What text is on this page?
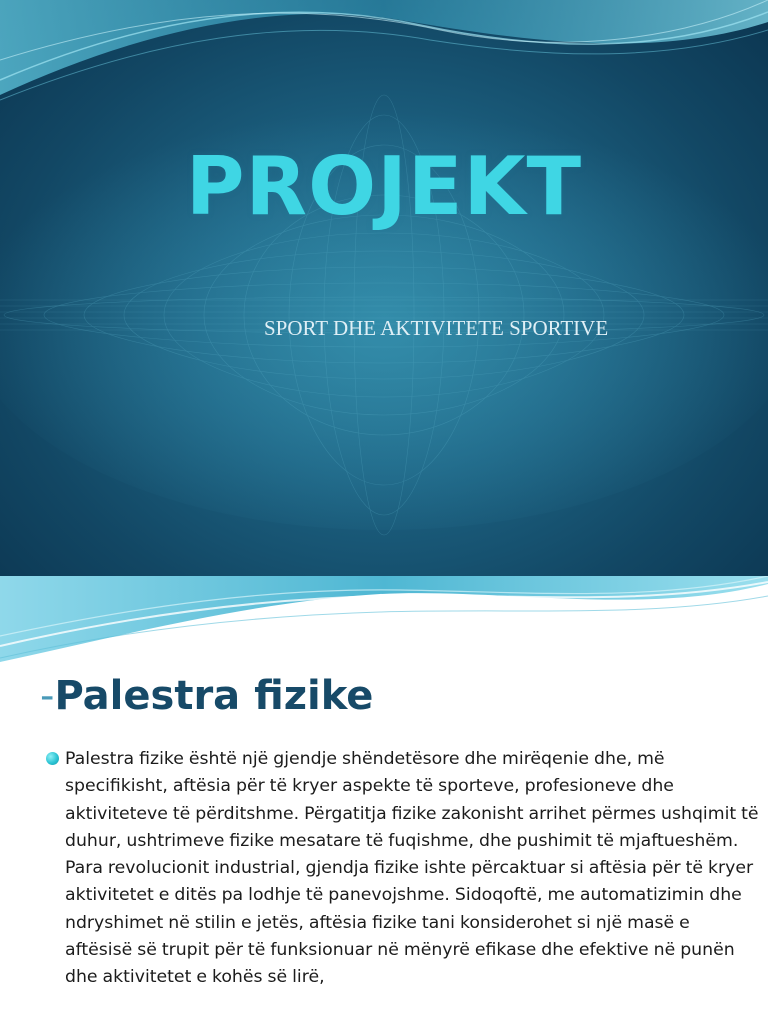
PROJEKT
SPORT DHE AKTIVITETE SPORTIVE
-Palestra fizike
Palestra fizike është një gjendje shëndetësore dhe mirëqenie dhe, më specifikisht, aftësia për të kryer aspekte të sporteve, profesioneve dhe aktiviteteve të përditshme. Përgatitja fizike zakonisht arrihet përmes ushqimit të duhur, ushtrimeve fizike mesatare të fuqishme, dhe pushimit të mjaftueshëm. Para revolucionit industrial, gjendja fizike ishte përcaktuar si aftësia për të kryer aktivitetet e ditës pa lodhje të panevojshme. Sidoqoftë, me automatizimin dhe ndryshimet në stilin e jetës, aftësia fizike tani konsiderohet si një masë e aftësisë së trupit për të funksionuar në mënyrë efikase dhe efektive në punën dhe aktivitetet e kohës së lirë,
